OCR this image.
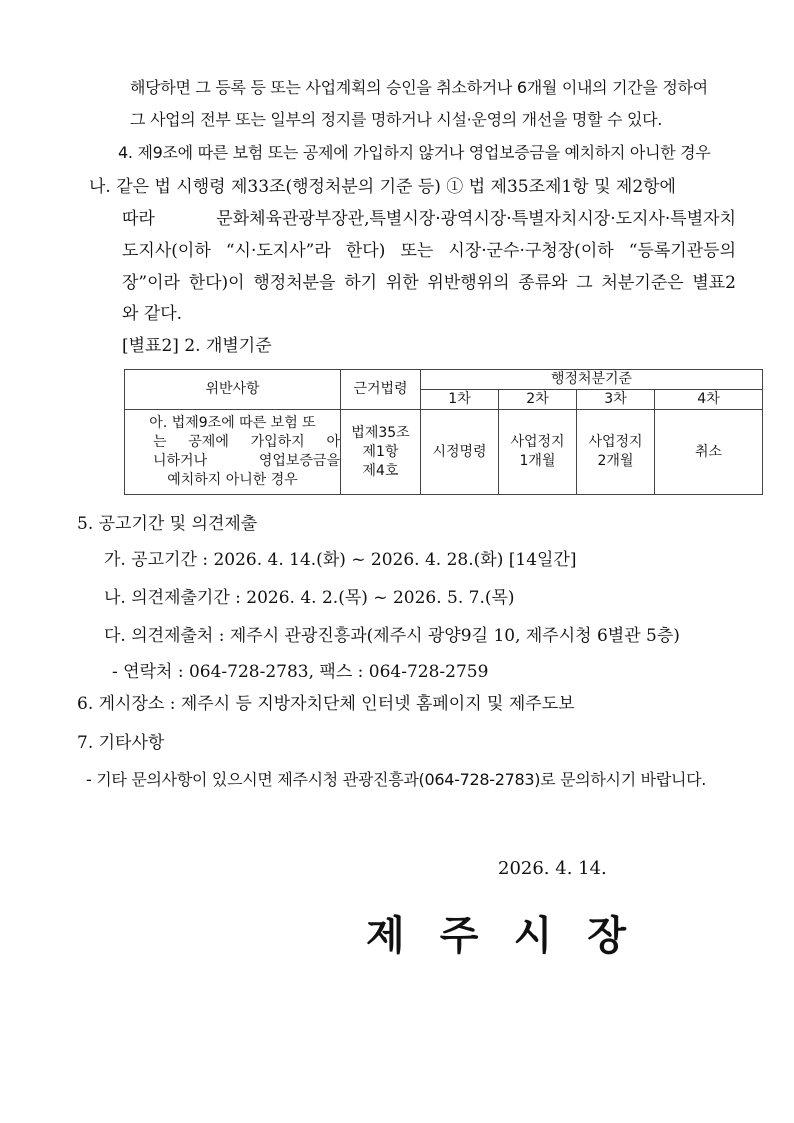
해당하면 그 등록 등 또는 사업계획의 승인을 취소하거나 6개월 이내의 기간을 정하여
그 사업의 전부 또는 일부의 정지를 명하거나 시설·운영의 개선을 명할 수 있다.
4. 제9조에 따른 보험 또는 공제에 가입하지 않거나 영업보증금을 예치하지 아니한 경우
나. 같은 법 시행령 제33조(행정처분의 기준 등) ① 법 제35조제1항 및 제2항에
따라 문화체육관광부장관,특별시장·광역시장·특별자치시장·도지사·특별자치
도지사(이하 “시·도지사”라 한다) 또는 시장·군수·구청장(이하 “등록기관등의
장”이라 한다)이 행정처분을 하기 위한 위반행위의 종류와 그 처분기준은 별표2
와 같다.
[별표2] 2. 개별기준
위반사항	근거법령	행정처분기준			
		1차	2차	3차	4차

아. 법제9조에 따른 보험 또
는 공제에 가입하지 아
니하거나 영업보증금을
예치하지 아니한 경우	법제35조
제1항
제4호	시정명령	사업정지
1개월	사업정지
2개월	취소
5. 공고기간 및 의견제출
가. 공고기간 : 2026. 4. 14.(화) ~ 2026. 4. 28.(화) [14일간]
나. 의견제출기간 : 2026. 4. 2.(목) ~ 2026. 5. 7.(목)
다. 의견제출처 : 제주시 관광진흥과(제주시 광양9길 10, 제주시청 6별관 5층)
- 연락처 : 064-728-2783, 팩스 : 064-728-2759
6. 게시장소 : 제주시 등 지방자치단체 인터넷 홈페이지 및 제주도보
7. 기타사항
- 기타 문의사항이 있으시면 제주시청 관광진흥과(064-728-2783)로 문의하시기 바랍니다.
2026. 4. 14.
제 주 시 장
